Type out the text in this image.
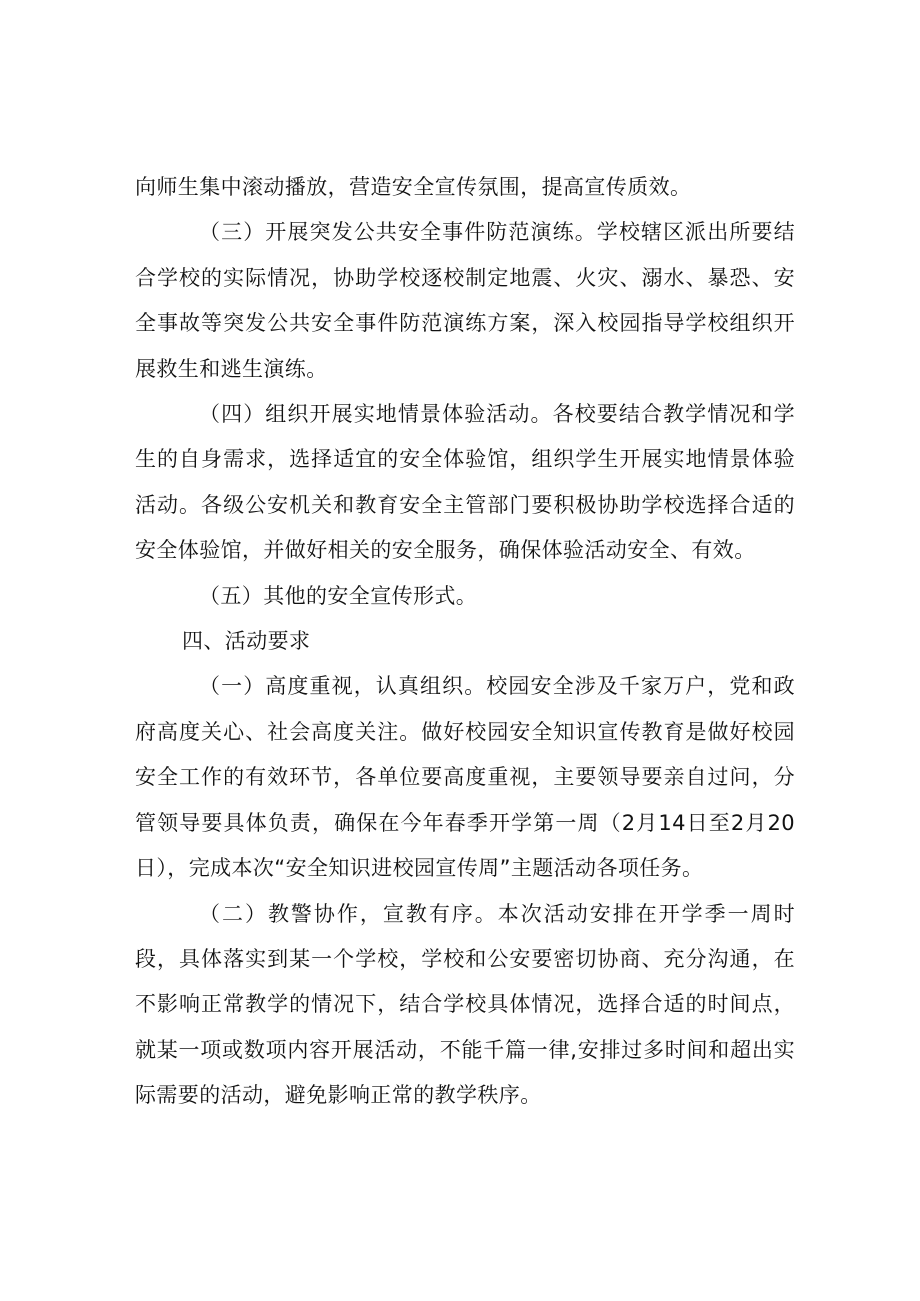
向师生集中滚动播放，营造安全宣传氛围，提高宣传质效。

（三）开展突发公共安全事件防范演练。学校辖区派出所要结合学校的实际情况，协助学校逐校制定地震、火灾、溺水、暴恐、安全事故等突发公共安全事件防范演练方案，深入校园指导学校组织开展救生和逃生演练。

（四）组织开展实地情景体验活动。各校要结合教学情况和学生的自身需求，选择适宜的安全体验馆，组织学生开展实地情景体验活动。各级公安机关和教育安全主管部门要积极协助学校选择合适的安全体验馆，并做好相关的安全服务，确保体验活动安全、有效。

（五）其他的安全宣传形式。

四、活动要求

（一）高度重视，认真组织。校园安全涉及千家万户，党和政府高度关心、社会高度关注。做好校园安全知识宣传教育是做好校园安全工作的有效环节，各单位要高度重视，主要领导要亲自过问，分管领导要具体负责，确保在今年春季开学第一周（2月14日至2月20日），完成本次“安全知识进校园宣传周”主题活动各项任务。

（二）教警协作，宣教有序。本次活动安排在开学季一周时段，具体落实到某一个学校，学校和公安要密切协商、充分沟通，在不影响正常教学的情况下，结合学校具体情况，选择合适的时间点，就某一项或数项内容开展活动，不能千篇一律,安排过多时间和超出实际需要的活动，避免影响正常的教学秩序。
